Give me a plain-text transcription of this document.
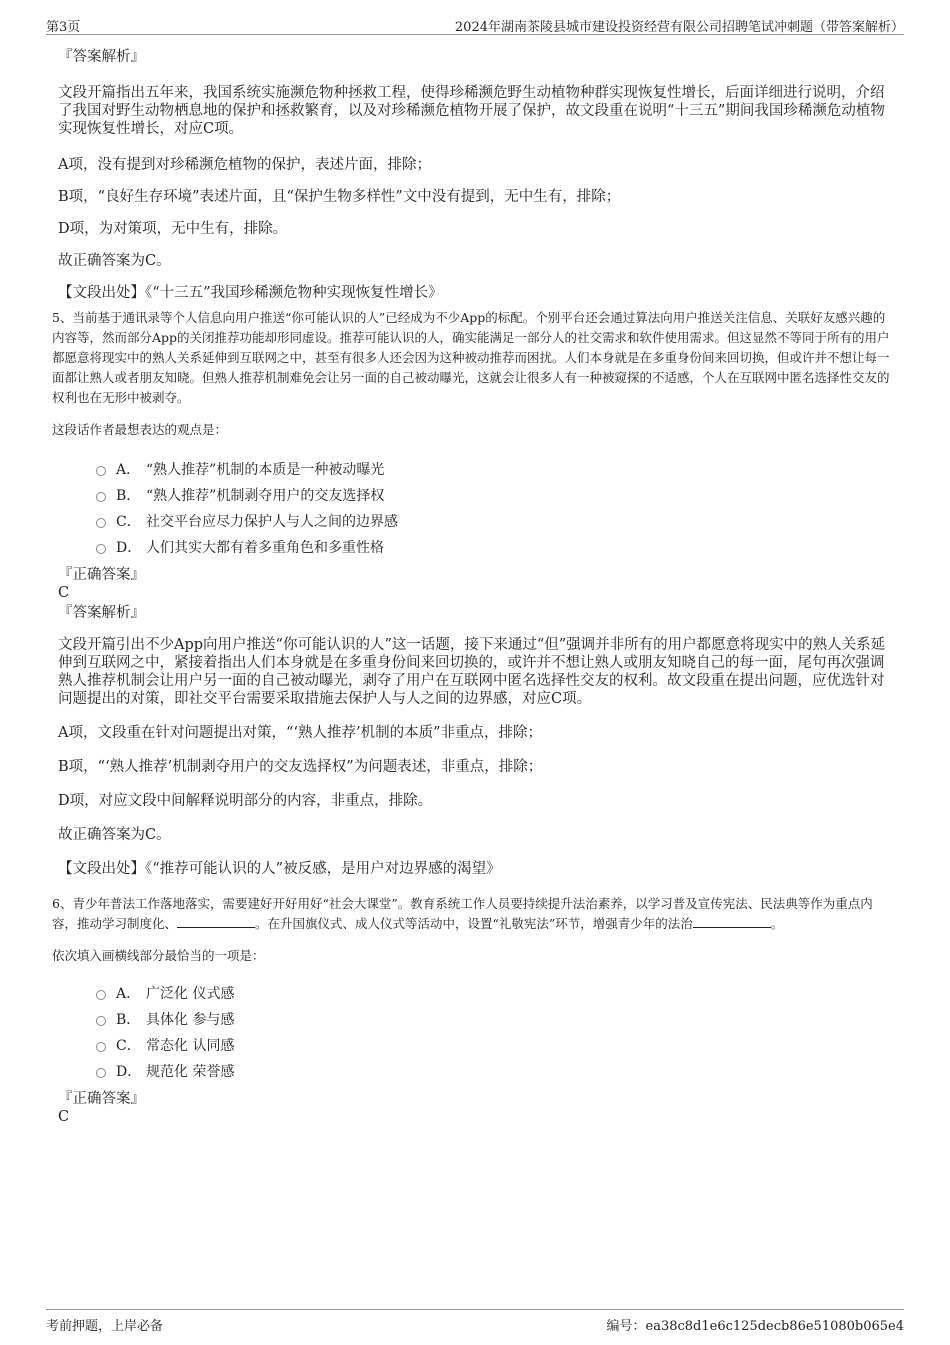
第3页	2024年湖南茶陵县城市建设投资经营有限公司招聘笔试冲刺题（带答案解析）
『答案解析』
文段开篇指出五年来，我国系统实施濒危物种拯救工程，使得珍稀濒危野生动植物种群实现恢复性增长，后面详细进行说明，介绍了我国对野生动物栖息地的保护和拯救繁育，以及对珍稀濒危植物开展了保护，故文段重在说明“十三五”期间我国珍稀濒危动植物实现恢复性增长，对应C项。
A项，没有提到对珍稀濒危植物的保护，表述片面，排除；
B项，“良好生存环境”表述片面，且“保护生物多样性”文中没有提到，无中生有，排除；
D项，为对策项，无中生有，排除。
故正确答案为C。
【文段出处】《“十三五”我国珍稀濒危物种实现恢复性增长》
5、当前基于通讯录等个人信息向用户推送“你可能认识的人”已经成为不少App的标配。个别平台还会通过算法向用户推送关注信息、关联好友感兴趣的内容等，然而部分App的关闭推荐功能却形同虚设。推荐可能认识的人，确实能满足一部分人的社交需求和软件使用需求。但这显然不等同于所有的用户都愿意将现实中的熟人关系延伸到互联网之中，甚至有很多人还会因为这种被动推荐而困扰。人们本身就是在多重身份间来回切换，但或许并不想让每一面都让熟人或者朋友知晓。但熟人推荐机制难免会让另一面的自己被动曝光，这就会让很多人有一种被窥探的不适感，个人在互联网中匿名选择性交友的权利也在无形中被剥夺。
这段话作者最想表达的观点是：
A． “熟人推荐”机制的本质是一种被动曝光
B． “熟人推荐”机制剥夺用户的交友选择权
C． 社交平台应尽力保护人与人之间的边界感
D． 人们其实大都有着多重角色和多重性格
『正确答案』
C
『答案解析』
文段开篇引出不少App向用户推送“你可能认识的人”这一话题，接下来通过“但”强调并非所有的用户都愿意将现实中的熟人关系延伸到互联网之中，紧接着指出人们本身就是在多重身份间来回切换的，或许并不想让熟人或朋友知晓自己的每一面，尾句再次强调熟人推荐机制会让用户另一面的自己被动曝光，剥夺了用户在互联网中匿名选择性交友的权利。故文段重在提出问题，应优选针对问题提出的对策，即社交平台需要采取措施去保护人与人之间的边界感，对应C项。
A项，文段重在针对问题提出对策，“‘熟人推荐’机制的本质”非重点，排除；
B项，“‘熟人推荐’机制剥夺用户的交友选择权”为问题表述，非重点，排除；
D项，对应文段中间解释说明部分的内容，非重点，排除。
故正确答案为C。
【文段出处】《“推荐可能认识的人”被反感，是用户对边界感的渴望》
6、青少年普法工作落地落实，需要建好开好用好“社会大课堂”。教育系统工作人员要持续提升法治素养，以学习普及宣传宪法、民法典等作为重点内容，推动学习制度化、	。在升国旗仪式、成人仪式等活动中，设置“礼敬宪法”环节，增强青少年的法治	。
依次填入画横线部分最恰当的一项是：
A． 广泛化 仪式感
B． 具体化 参与感
C． 常态化 认同感
D． 规范化 荣誉感
『正确答案』
C
考前押题，上岸必备	编号：ea38c8d1e6c125decb86e51080b065e4
